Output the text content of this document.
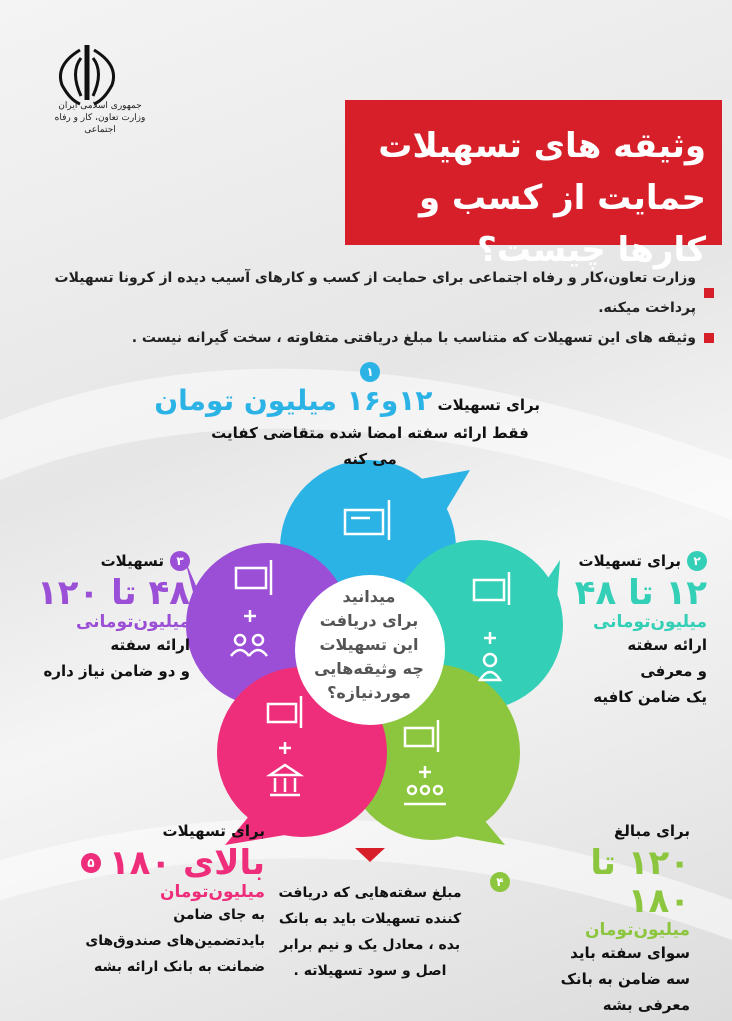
جمهوری اسلامی ایران
وزارت تعاون، کار و رفاه اجتماعی	وثیقه های تسهیلات
حمایت از کسب و کارها چیست؟
وزارت تعاون،کار و رفاه اجتماعی برای حمایت از کسب و کارهای آسیب دیده از کرونا تسهیلات پرداخت میکنه.
وثیقه های این تسهیلات که متناسب با مبلغ دریافتی متفاوته ، سخت گیرانه نیست .
۱
برای تسهیلات ۱۲و۱۶ میلیون تومان
فقط ارائه سفته امضا شده متقاضی کفایت می کنه
۲
برای تسهیلات
۱۲ تا ۴۸
میلیون‌تومانی
ارائه سفته
و معرفی
یک ضامن کافیه
۳
تسهیلات
۴۸ تا ۱۲۰
میلیون‌تومانی
ارائه سفته
و دو ضامن نیاز داره
برای مبالغ
۱۲۰ تا ۱۸۰
۴
میلیون‌تومان
سوای سفته باید
سه ضامن به بانک
معرفی بشه
برای تسهیلات
بالای ۱۸۰
۵
میلیون‌تومان
به جای ضامن
بایدتضمین‌های صندوق‌های
ضمانت به بانک ارائه بشه
مبلغ سفته‌هایی که دریافت
کننده تسهیلات باید به بانک
بده ، معادل یک و نیم برابر
اصل و سود تسهیلاته .
میدانید
برای دریافت
این تسهیلات
چه وثیقه‌هایی
موردنیازه؟
